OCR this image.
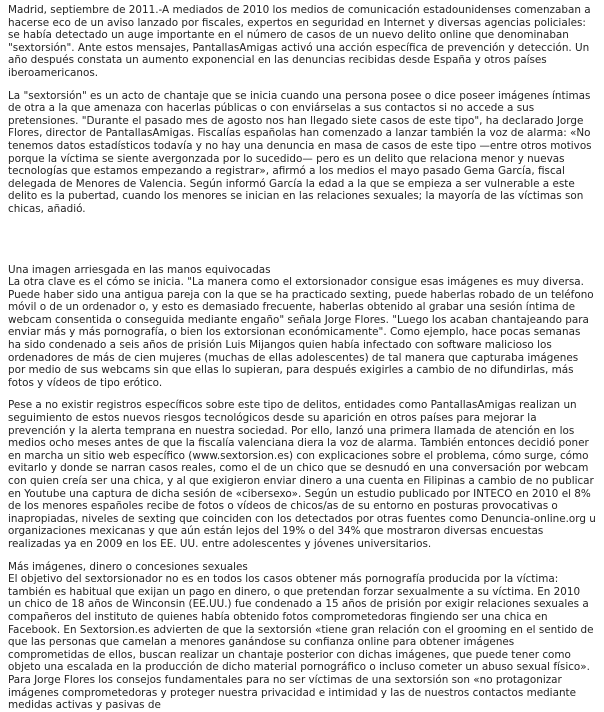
Madrid, septiembre de 2011.-A mediados de 2010 los medios de comunicación estadounidenses comenzaban a hacerse eco de un aviso lanzado por fiscales, expertos en seguridad en Internet y diversas agencias policiales: se había detectado un auge importante en el número de casos de un nuevo delito online que denominaban "sextorsión". Ante estos mensajes, PantallasAmigas activó una acción específica de prevención y detección. Un año después constata un aumento exponencial en las denuncias recibidas desde España y otros países iberoamericanos.

La "sextorsión" es un acto de chantaje que se inicia cuando una persona posee o dice poseer imágenes íntimas de otra a la que amenaza con hacerlas públicas o con enviárselas a sus contactos si no accede a sus pretensiones. "Durante el pasado mes de agosto nos han llegado siete casos de este tipo", ha declarado Jorge Flores, director de PantallasAmigas. Fiscalías españolas han comenzado a lanzar también la voz de alarma: «No tenemos datos estadísticos todavía y no hay una denuncia en masa de casos de este tipo —entre otros motivos porque la víctima se siente avergonzada por lo sucedido— pero es un delito que relaciona menor y nuevas tecnologías que estamos empezando a registrar», afirmó a los medios el mayo pasado Gema García, fiscal delegada de Menores de Valencia. Según informó García la edad a la que se empieza a ser vulnerable a este delito es la pubertad, cuando los menores se inician en las relaciones sexuales; la mayoría de las víctimas son chicas, añadió.

Una imagen arriesgada en las manos equivocadas

La otra clave es el cómo se inicia. "La manera como el extorsionador consigue esas imágenes es muy diversa. Puede haber sido una antigua pareja con la que se ha practicado sexting, puede haberlas robado de un teléfono móvil o de un ordenador o, y esto es demasiado frecuente, haberlas obtenido al grabar una sesión íntima de webcam consentida o conseguida mediante engaño" señala Jorge Flores. "Luego los acaban chantajeando para enviar más y más pornografía, o bien los extorsionan económicamente". Como ejemplo, hace pocas semanas ha sido condenado a seis años de prisión Luis Mijangos quien había infectado con software malicioso los ordenadores de más de cien mujeres (muchas de ellas adolescentes) de tal manera que capturaba imágenes por medio de sus webcams sin que ellas lo supieran, para después exigirles a cambio de no difundirlas, más fotos y vídeos de tipo erótico.

Pese a no existir registros específicos sobre este tipo de delitos, entidades como PantallasAmigas realizan un seguimiento de estos nuevos riesgos tecnológicos desde su aparición en otros países para mejorar la prevención y la alerta temprana en nuestra sociedad. Por ello, lanzó una primera llamada de atención en los medios ocho meses antes de que la fiscalía valenciana diera la voz de alarma. También entonces decidió poner en marcha un sitio web específico (www.sextorsion.es) con explicaciones sobre el problema, cómo surge, cómo evitarlo y donde se narran casos reales, como el de un chico que se desnudó en una conversación por webcam con quien creía ser una chica, y al que exigieron enviar dinero a una cuenta en Filipinas a cambio de no publicar en Youtube una captura de dicha sesión de «cibersexo». Según un estudio publicado por INTECO en 2010 el 8% de los menores españoles recibe de fotos o vídeos de chicos/as de su entorno en posturas provocativas o inapropiadas, niveles de sexting que coinciden con los detectados por otras fuentes como Denuncia-online.org u organizaciones mexicanas y que aún están lejos del 19% o del 34% que mostraron diversas encuestas realizadas ya en 2009 en los EE. UU. entre adolescentes y jóvenes universitarios.

Más imágenes, dinero o concesiones sexuales

El objetivo del sextorsionador no es en todos los casos obtener más pornografía producida por la víctima: también es habitual que exijan un pago en dinero, o que pretendan forzar sexualmente a su víctima. En 2010 un chico de 18 años de Winconsin (EE.UU.) fue condenado a 15 años de prisión por exigir relaciones sexuales a compañeros del instituto de quienes había obtenido fotos comprometedoras fingiendo ser una chica en Facebook. En Sextorsion.es advierten de que la sextorsión «tiene gran relación con el grooming en el sentido de que las personas que camelan a menores ganándose su confianza online para obtener imágenes comprometidas de ellos, buscan realizar un chantaje posterior con dichas imágenes, que puede tener como objeto una escalada en la producción de dicho material pornográfico o incluso cometer un abuso sexual físico». Para Jorge Flores los consejos fundamentales para no ser víctimas de una sextorsión son «no protagonizar imágenes comprometedoras y proteger nuestra privacidad e intimidad y las de nuestros contactos mediante medidas activas y pasivas de
